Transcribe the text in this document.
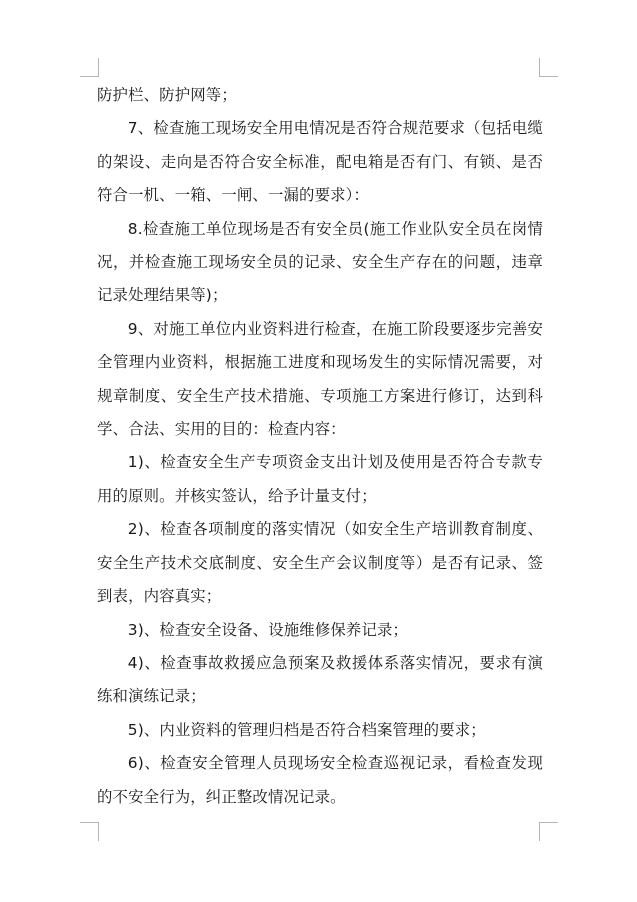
防护栏、防护网等；

7、检查施工现场安全用电情况是否符合规范要求（包括电缆的架设、走向是否符合安全标准，配电箱是否有门、有锁、是否符合一机、一箱、一闸、一漏的要求）：

8.检查施工单位现场是否有安全员(施工作业队安全员在岗情况，并检查施工现场安全员的记录、安全生产存在的问题，违章记录处理结果等)；

9、对施工单位内业资料进行检查，在施工阶段要逐步完善安全管理内业资料，根据施工进度和现场发生的实际情况需要，对规章制度、安全生产技术措施、专项施工方案进行修订，达到科学、合法、实用的目的：检查内容：

1)、检查安全生产专项资金支出计划及使用是否符合专款专用的原则。并核实签认，给予计量支付；

2)、检查各项制度的落实情况（如安全生产培训教育制度、安全生产技术交底制度、安全生产会议制度等）是否有记录、签到表，内容真实；

3)、检查安全设备、设施维修保养记录；

4)、检查事故救援应急预案及救援体系落实情况，要求有演练和演练记录；

5)、内业资料的管理归档是否符合档案管理的要求；

6)、检查安全管理人员现场安全检查巡视记录，看检查发现的不安全行为，纠正整改情况记录。
